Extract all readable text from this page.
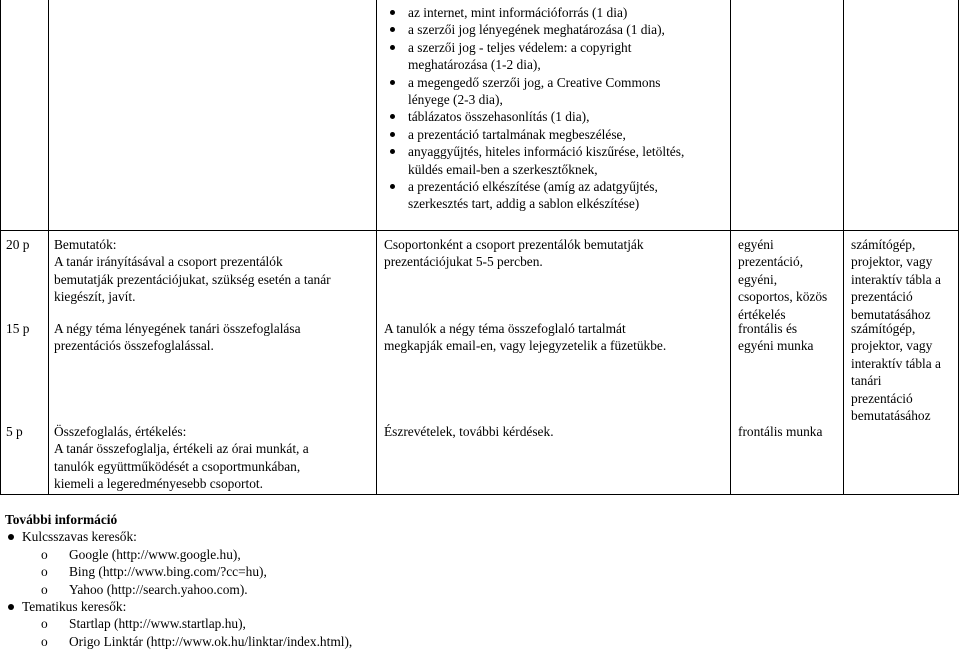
az internet, mint információforrás (1 dia)
a szerzői jog lényegének meghatározása (1 dia),
a szerzői jog - teljes védelem: a copyright
meghatározása (1-2 dia),
a megengedő szerzői jog, a Creative Commons
lényege (2-3 dia),
táblázatos összehasonlítás (1 dia),
a prezentáció tartalmának megbeszélése,
anyaggyűjtés, hiteles információ kiszűrése, letöltés,
küldés email-ben a szerkesztőknek,
a prezentáció elkészítése (amíg az adatgyűjtés,
szerkesztés tart, addig a sablon elkészítése)
20 p Bemutatók:
A tanár irányításával a csoport prezentálók
bemutatják prezentációjukat, szükség esetén a tanár
kiegészít, javít.
Csoportonként a csoport prezentálók bemutatják
prezentációjukat 5-5 percben.
egyéni
prezentáció,
egyéni,
csoportos, közös
értékelés
számítógép,
projektor, vagy
interaktív tábla a
prezentáció
bemutatásához
15 p A négy téma lényegének tanári összefoglalása
prezentációs összefoglalással.
A tanulók a négy téma összefoglaló tartalmát
megkapják email-en, vagy lejegyzetelik a füzetükbe.
frontális és
egyéni munka
számítógép,
projektor, vagy
interaktív tábla a
tanári
prezentáció
bemutatásához
5 p Összefoglalás, értékelés:
A tanár összefoglalja, értékeli az órai munkát, a
tanulók együttműködését a csoportmunkában,
kiemeli a legeredményesebb csoportot.
Észrevételek, további kérdések.	frontális munka
További információ
Kulcsszavas keresők:
o Google (http://www.google.hu),
o Bing (http://www.bing.com/?cc=hu),
o Yahoo (http://search.yahoo.com).
Tematikus keresők:
o Startlap (http://www.startlap.hu),
o Origo Linktár (http://www.ok.hu/linktar/index.html),
